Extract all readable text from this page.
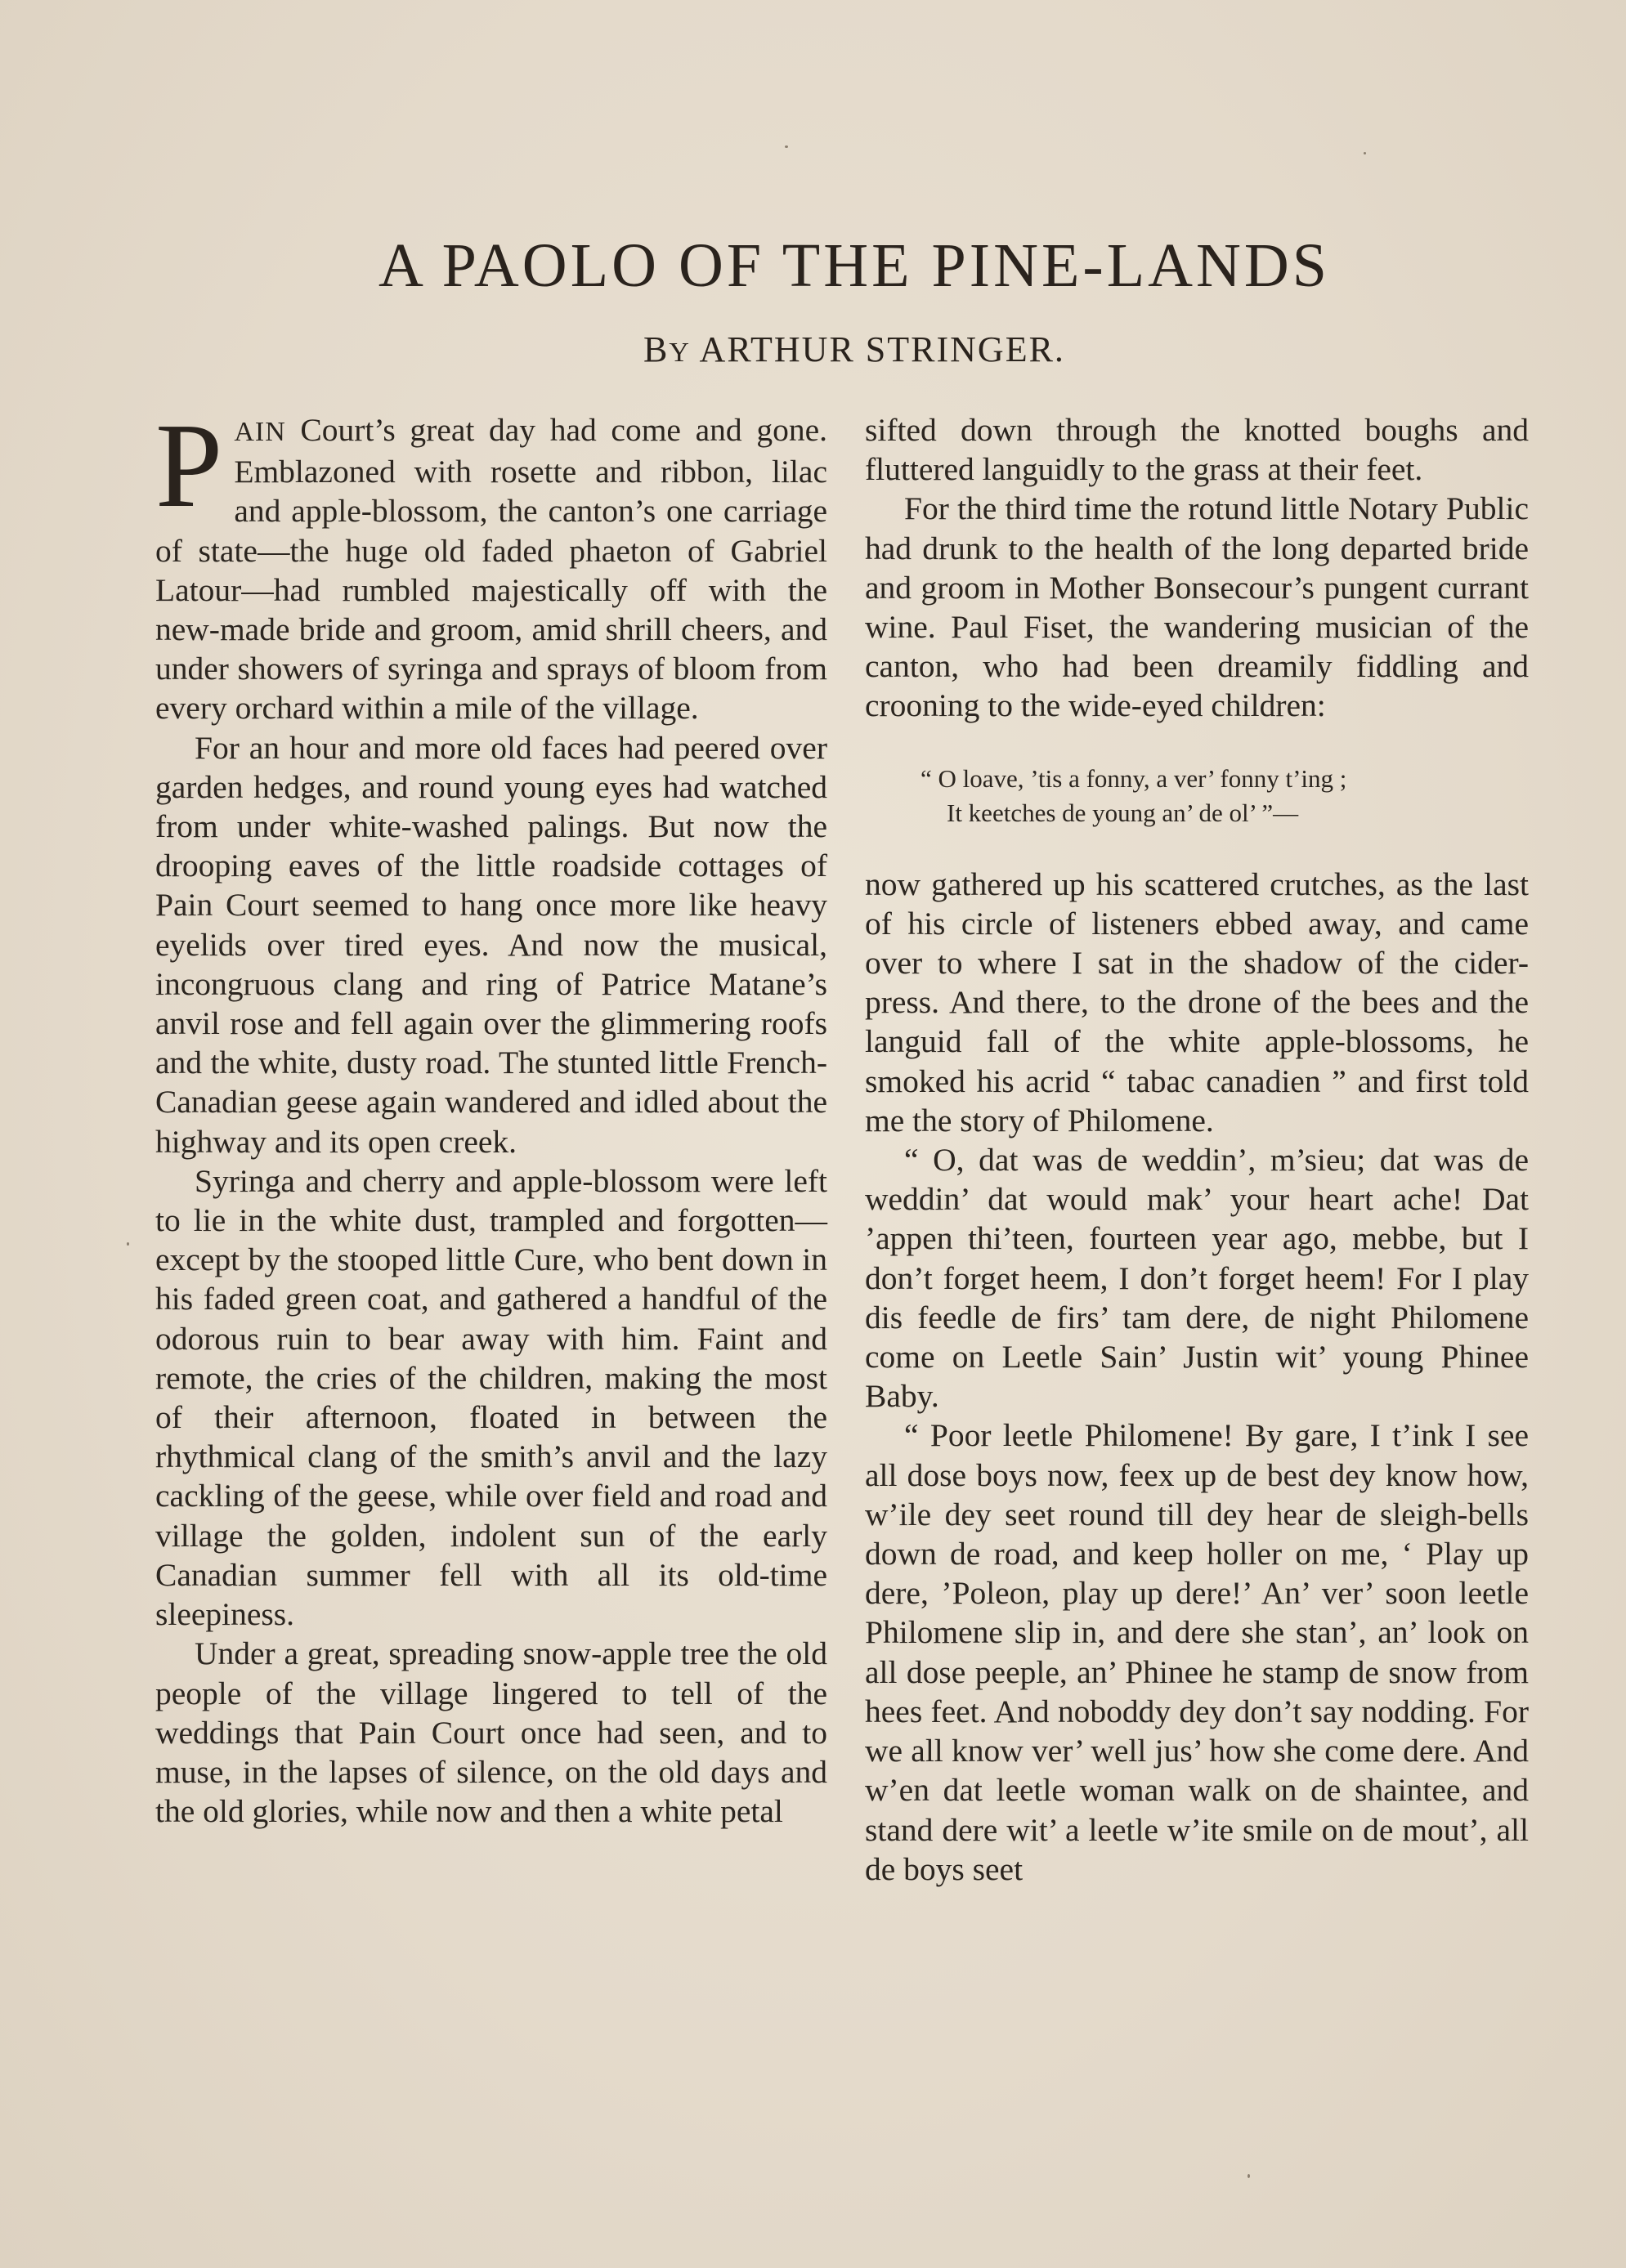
A PAOLO OF THE PINE-LANDS
BY ARTHUR STRINGER.

PAIN Court’s great day had come and gone. Emblazoned with rosette and ribbon, lilac and apple-blossom, the canton’s one carriage of state—the huge old faded phaeton of Gabriel Latour—had rumbled majestically off with the new-made bride and groom, amid shrill cheers, and under showers of syringa and sprays of bloom from every orchard within a mile of the village.

For an hour and more old faces had peered over garden hedges, and round young eyes had watched from under white-washed palings. But now the drooping eaves of the little roadside cottages of Pain Court seemed to hang once more like heavy eyelids over tired eyes. And now the musical, incongruous clang and ring of Patrice Matane’s anvil rose and fell again over the glimmering roofs and the white, dusty road. The stunted little French-Canadian geese again wandered and idled about the highway and its open creek.

Syringa and cherry and apple-blossom were left to lie in the white dust, trampled and forgotten—except by the stooped little Cure, who bent down in his faded green coat, and gathered a handful of the odorous ruin to bear away with him. Faint and remote, the cries of the children, making the most of their afternoon, floated in between the rhythmical clang of the smith’s anvil and the lazy cackling of the geese, while over field and road and village the golden, indolent sun of the early Canadian summer fell with all its old-time sleepiness.

Under a great, spreading snow-apple tree the old people of the village lingered to tell of the weddings that Pain Court once had seen, and to muse, in the lapses of silence, on the old days and the old glories, while now and then a white petal

sifted down through the knotted boughs and fluttered languidly to the grass at their feet.

For the third time the rotund little Notary Public had drunk to the health of the long departed bride and groom in Mother Bonsecour’s pungent currant wine. Paul Fiset, the wandering musician of the canton, who had been dreamily fiddling and crooning to the wide-eyed children:

“ O loave, ’tis a fonny, a ver’ fonny t’ing ;
It keetches de young an’ de ol’ ”—

now gathered up his scattered crutches, as the last of his circle of listeners ebbed away, and came over to where I sat in the shadow of the cider-press. And there, to the drone of the bees and the languid fall of the white apple-blossoms, he smoked his acrid “ tabac canadien ” and first told me the story of Philomene.

“ O, dat was de weddin’, m’sieu; dat was de weddin’ dat would mak’ your heart ache! Dat ’appen thi’teen, fourteen year ago, mebbe, but I don’t forget heem, I don’t forget heem! For I play dis feedle de firs’ tam dere, de night Philomene come on Leetle Sain’ Justin wit’ young Phinee Baby.

“ Poor leetle Philomene! By gare, I t’ink I see all dose boys now, feex up de best dey know how, w’ile dey seet round till dey hear de sleigh-bells down de road, and keep holler on me, ‘ Play up dere, ’Poleon, play up dere!’ An’ ver’ soon leetle Philomene slip in, and dere she stan’, an’ look on all dose peeple, an’ Phinee he stamp de snow from hees feet. And noboddy dey don’t say nodding. For we all know ver’ well jus’ how she come dere. And w’en dat leetle woman walk on de shaintee, and stand dere wit’ a leetle w’ite smile on de mout’, all de boys seet
